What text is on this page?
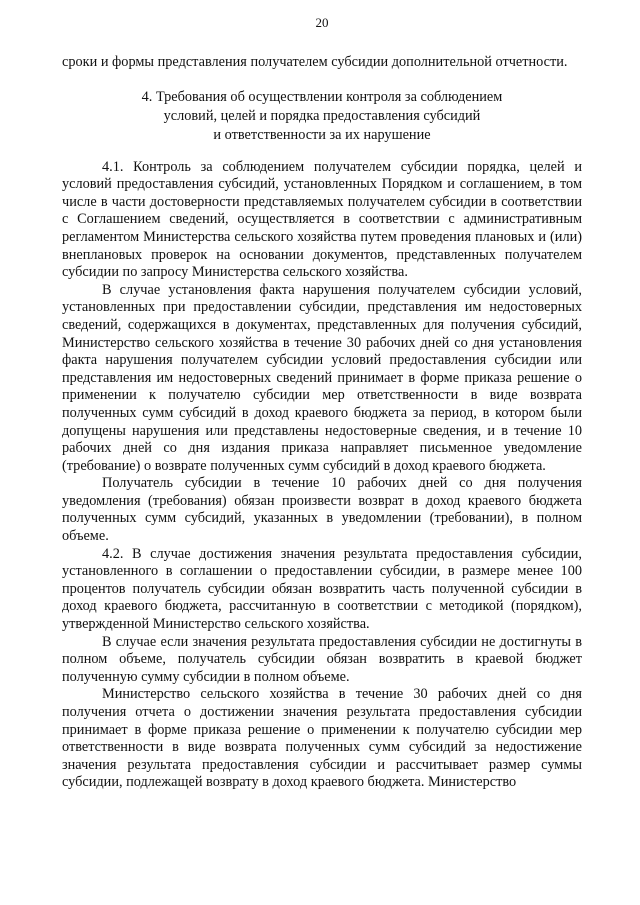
20

сроки и формы представления получателем субсидии дополнительной отчетности.

4. Требования об осуществлении контроля за соблюдением
условий, целей и порядка предоставления субсидий
и ответственности за их нарушение

4.1. Контроль за соблюдением получателем субсидии порядка, целей и условий предоставления субсидий, установленных Порядком и соглашением, в том числе в части достоверности представляемых получателем субсидии в соответствии с Соглашением сведений, осуществляется в соответствии с административным регламентом Министерства сельского хозяйства путем проведения плановых и (или) внеплановых проверок на основании документов, представленных получателем субсидии по запросу Министерства сельского хозяйства.

В случае установления факта нарушения получателем субсидии условий, установленных при предоставлении субсидии, представления им недостоверных сведений, содержащихся в документах, представленных для получения субсидий, Министерство сельского хозяйства в течение 30 рабочих дней со дня установления факта нарушения получателем субсидии условий предоставления субсидии или представления им недостоверных сведений принимает в форме приказа решение о применении к получателю субсидии мер ответственности в виде возврата полученных сумм субсидий в доход краевого бюджета за период, в котором были допущены нарушения или представлены недостоверные сведения, и в течение 10 рабочих дней со дня издания приказа направляет письменное уведомление (требование) о возврате полученных сумм субсидий в доход краевого бюджета.

Получатель субсидии в течение 10 рабочих дней со дня получения уведомления (требования) обязан произвести возврат в доход краевого бюджета полученных сумм субсидий, указанных в уведомлении (требовании), в полном объеме.

4.2. В случае достижения значения результата предоставления субсидии, установленного в соглашении о предоставлении субсидии, в размере менее 100 процентов получатель субсидии обязан возвратить часть полученной субсидии в доход краевого бюджета, рассчитанную в соответствии с методикой (порядком), утвержденной Министерство сельского хозяйства.

В случае если значения результата предоставления субсидии не достигнуты в полном объеме, получатель субсидии обязан возвратить в краевой бюджет полученную сумму субсидии в полном объеме.

Министерство сельского хозяйства в течение 30 рабочих дней со дня получения отчета о достижении значения результата предоставления субсидии принимает в форме приказа решение о применении к получателю субсидии мер ответственности в виде возврата полученных сумм субсидий за недостижение значения результата предоставления субсидии и рассчитывает размер суммы субсидии, подлежащей возврату в доход краевого бюджета. Министерство
